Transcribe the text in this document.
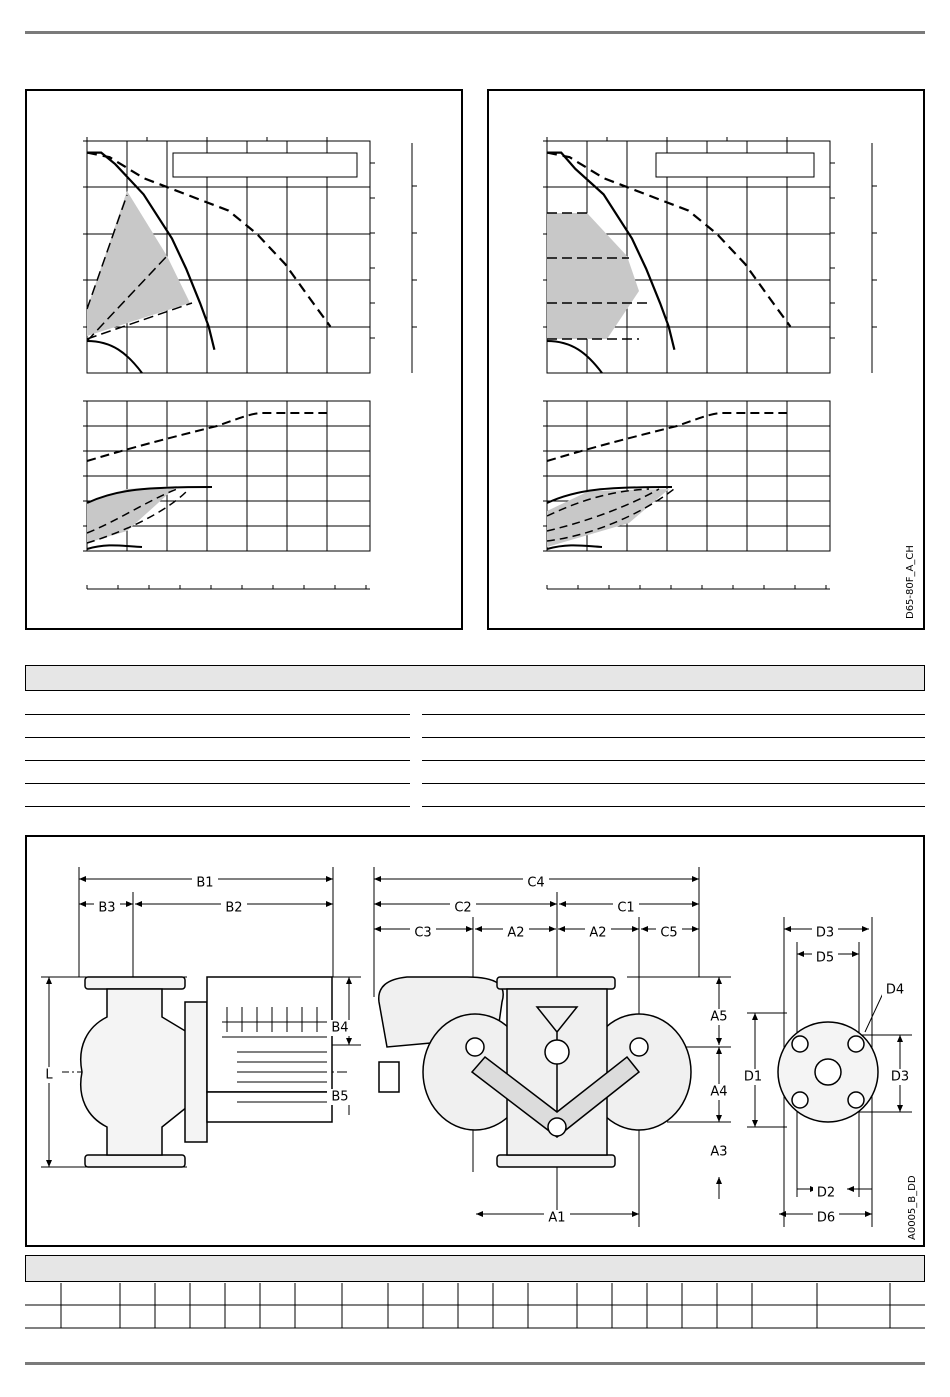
D65-80F_A_CH
B1
B3	B2
C4
C2	C1
C3	A2	A2	C5	D3
D5
D4
B4
B5
L
A5
A4
A3
D1	D3
A1
D2
D6	A0005_B_DD
